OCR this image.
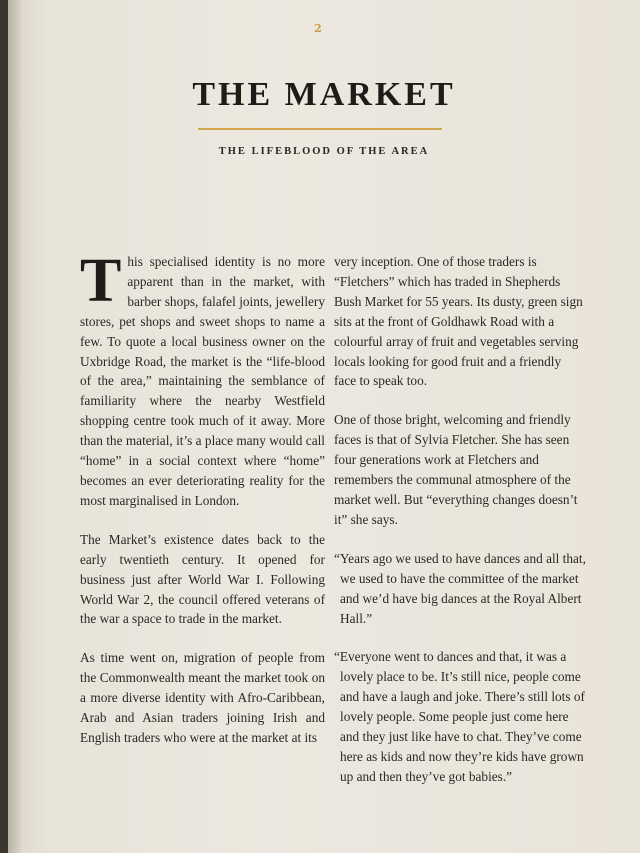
2
THE MARKET
THE LIFEBLOOD OF THE AREA

This specialised identity is no more apparent than in the market, with barber shops, falafel joints, jewellery stores, pet shops and sweet shops to name a few. To quote a local business owner on the Uxbridge Road, the market is the “life-blood of the area,” maintaining the semblance of familiarity where the nearby Westfield shopping centre took much of it away. More than the material, it’s a place many would call “home” in a social context where “home” becomes an ever deteriorating reality for the most marginalised in London.

The Market’s existence dates back to the early twentieth century. It opened for business just after World War I. Following World War 2, the council offered veterans of the war a space to trade in the market.

As time went on, migration of people from the Commonwealth meant the market took on a more diverse identity with Afro-Caribbean, Arab and Asian traders joining Irish and English traders who were at the market at its

very inception. One of those traders is “Fletchers” which has traded in Shepherds Bush Market for 55 years. Its dusty, green sign sits at the front of Goldhawk Road with a colourful array of fruit and vegetables serving locals looking for good fruit and a friendly face to speak too.

One of those bright, welcoming and friendly faces is that of Sylvia Fletcher. She has seen four generations work at Fletchers and remembers the communal atmosphere of the market well. But “everything changes doesn’t it” she says.

“Years ago we used to have dances and all that, we used to have the committee of the market and we’d have big dances at the Royal Albert Hall.”

“Everyone went to dances and that, it was a lovely place to be. It’s still nice, people come and have a laugh and joke. There’s still lots of lovely people. Some people just come here and they just like have to chat. They’ve come here as kids and now they’re kids have grown up and then they’ve got babies.”
